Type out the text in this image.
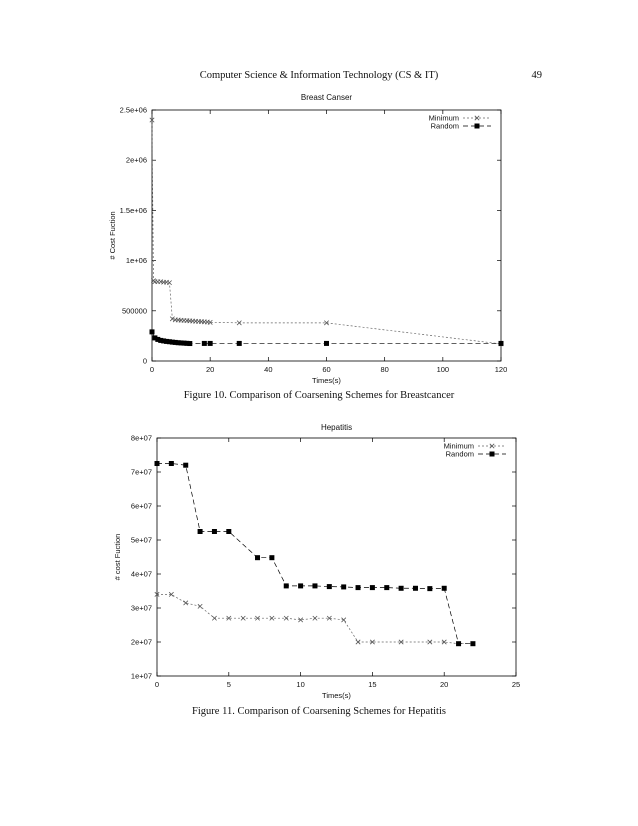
Computer Science & Information Technology (CS & IT)	49
Breast Canser
0	20	40	60	80	100	120
0
500000
1e+06
1.5e+06
2e+06
2.5e+06
Times(s)
# Cost Fuction
Minimum
Random
Figure 10. Comparison of Coarsening Schemes for Breastcancer
Hepatitis
0	5	10	15	20	25
1e+07
2e+07
3e+07
4e+07
5e+07
6e+07
7e+07
8e+07
Times(s)
# cost Fuction
Minimum
Random
Figure 11. Comparison of Coarsening Schemes for Hepatitis
